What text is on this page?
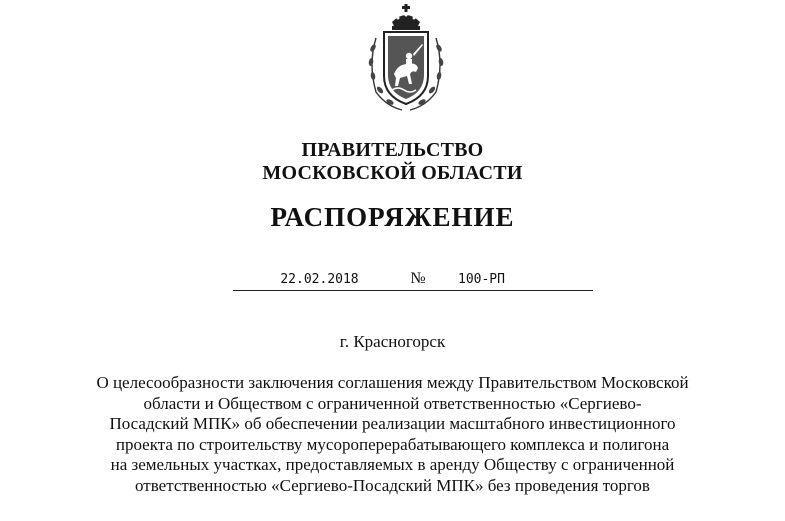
ПРАВИТЕЛЬСТВО
МОСКОВСКОЙ ОБЛАСТИ
РАСПОРЯЖЕНИЕ
22.02.2018	№	100-РП
г. Красногорск
О целесообразности заключения соглашения между Правительством Московской
области и Обществом с ограниченной ответственностью «Сергиево-
Посадский МПК» об обеспечении реализации масштабного инвестиционного
проекта по строительству мусороперерабатывающего комплекса и полигона
на земельных участках, предоставляемых в аренду Обществу с ограниченной
ответственностью «Сергиево-Посадский МПК» без проведения торгов
